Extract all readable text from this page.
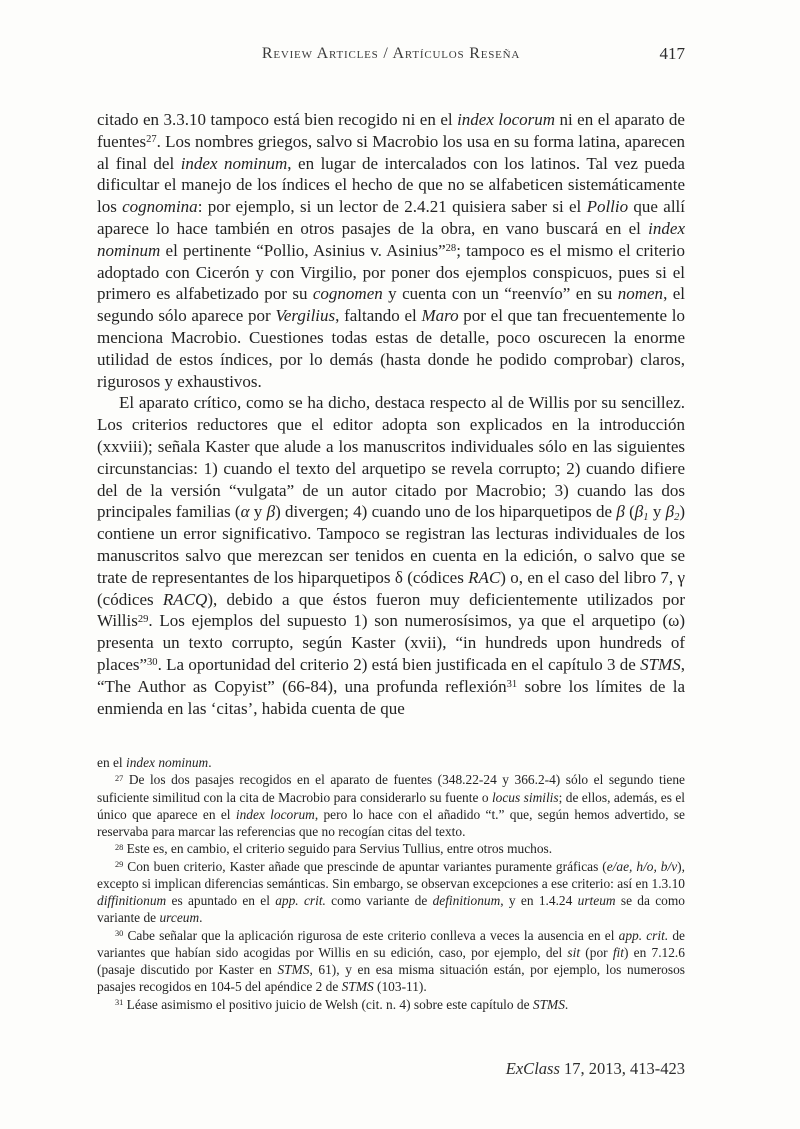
Review Articles / Artículos Reseña	417

citado en 3.3.10 tampoco está bien recogido ni en el index locorum ni en el aparato de fuentes$^{27}$. Los nombres griegos, salvo si Macrobio los usa en su forma latina, aparecen al final del index nominum, en lugar de intercalados con los latinos. Tal vez pueda dificultar el manejo de los índices el hecho de que no se alfabeticen sistemáticamente los cognomina: por ejemplo, si un lector de 2.4.21 quisiera saber si el Pollio que allí aparece lo hace también en otros pasajes de la obra, en vano buscará en el index nominum el pertinente “Pollio, Asinius v. Asinius”$^{28}$; tampoco es el mismo el criterio adoptado con Cicerón y con Virgilio, por poner dos ejemplos conspicuos, pues si el primero es alfabetizado por su cognomen y cuenta con un “reenvío” en su nomen, el segundo sólo aparece por Vergilius, faltando el Maro por el que tan frecuentemente lo menciona Macrobio. Cuestiones todas estas de detalle, poco oscurecen la enorme utilidad de estos índices, por lo demás (hasta donde he podido comprobar) claros, rigurosos y exhaustivos.

El aparato crítico, como se ha dicho, destaca respecto al de Willis por su sencillez. Los criterios reductores que el editor adopta son explicados en la introducción (xxviii); señala Kaster que alude a los manuscritos individuales sólo en las siguientes circunstancias: 1) cuando el texto del arquetipo se revela corrupto; 2) cuando difiere del de la versión “vulgata” de un autor citado por Macrobio; 3) cuando las dos principales familias (α y β) divergen; 4) cuando uno de los hiparquetipos de β ($\beta_1$ y $\beta_2$) contiene un error significativo. Tampoco se registran las lecturas individuales de los manuscritos salvo que merezcan ser tenidos en cuenta en la edición, o salvo que se trate de representantes de los hiparquetipos δ (códices RAC) o, en el caso del libro 7, γ (códices RACQ), debido a que éstos fueron muy deficientemente utilizados por Willis$^{29}$. Los ejemplos del supuesto 1) son numerosísimos, ya que el arquetipo (ω) presenta un texto corrupto, según Kaster (xvii), “in hundreds upon hundreds of places”$^{30}$. La oportunidad del criterio 2) está bien justificada en el capítulo 3 de STMS, “The Author as Copyist” (66-84), una profunda reflexión$^{31}$ sobre los límites de la enmienda en las ‘citas’, habida cuenta de que

en el index nominum.

$^{27}$ De los dos pasajes recogidos en el aparato de fuentes (348.22-24 y 366.2-4) sólo el segundo tiene suficiente similitud con la cita de Macrobio para considerarlo su fuente o locus similis; de ellos, además, es el único que aparece en el index locorum, pero lo hace con el añadido “t.” que, según hemos advertido, se reservaba para marcar las referencias que no recogían citas del texto.

$^{28}$ Este es, en cambio, el criterio seguido para Servius Tullius, entre otros muchos.

$^{29}$ Con buen criterio, Kaster añade que prescinde de apuntar variantes puramente gráficas (e/ae, h/o, b/v), excepto si implican diferencias semánticas. Sin embargo, se observan excepciones a ese criterio: así en 1.3.10 diffinitionum es apuntado en el app. crit. como variante de definitionum, y en 1.4.24 urteum se da como variante de urceum.

$^{30}$ Cabe señalar que la aplicación rigurosa de este criterio conlleva a veces la ausencia en el app. crit. de variantes que habían sido acogidas por Willis en su edición, caso, por ejemplo, del sit (por fit) en 7.12.6 (pasaje discutido por Kaster en STMS, 61), y en esa misma situación están, por ejemplo, los numerosos pasajes recogidos en 104-5 del apéndice 2 de STMS (103-11).

$^{31}$ Léase asimismo el positivo juicio de Welsh (cit. n. 4) sobre este capítulo de STMS.

ExClass 17, 2013, 413-423
